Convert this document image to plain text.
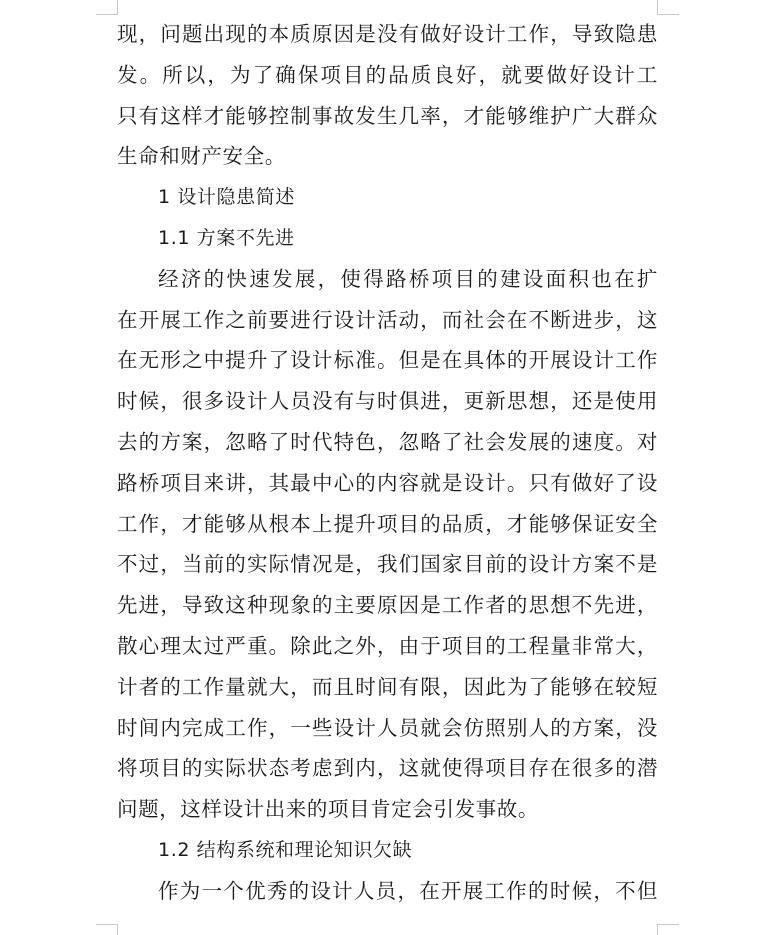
现，问题出现的本质原因是没有做好设计工作，导致隐患
发。所以，为了确保项目的品质良好，就要做好设计工
只有这样才能够控制事故发生几率，才能够维护广大群众
生命和财产安全。
1 设计隐患简述
1.1 方案不先进
经济的快速发展，使得路桥项目的建设面积也在扩
在开展工作之前要进行设计活动，而社会在不断进步，这
在无形之中提升了设计标准。但是在具体的开展设计工作
时候，很多设计人员没有与时俱进，更新思想，还是使用
去的方案，忽略了时代特色，忽略了社会发展的速度。对
路桥项目来讲，其最中心的内容就是设计。只有做好了设
工作，才能够从根本上提升项目的品质，才能够保证安全
不过，当前的实际情况是，我们国家目前的设计方案不是
先进，导致这种现象的主要原因是工作者的思想不先进，
散心理太过严重。除此之外，由于项目的工程量非常大，
计者的工作量就大，而且时间有限，因此为了能够在较短
时间内完成工作，一些设计人员就会仿照别人的方案，没
将项目的实际状态考虑到内，这就使得项目存在很多的潜
问题，这样设计出来的项目肯定会引发事故。
1.2 结构系统和理论知识欠缺
作为一个优秀的设计人员，在开展工作的时候，不但
